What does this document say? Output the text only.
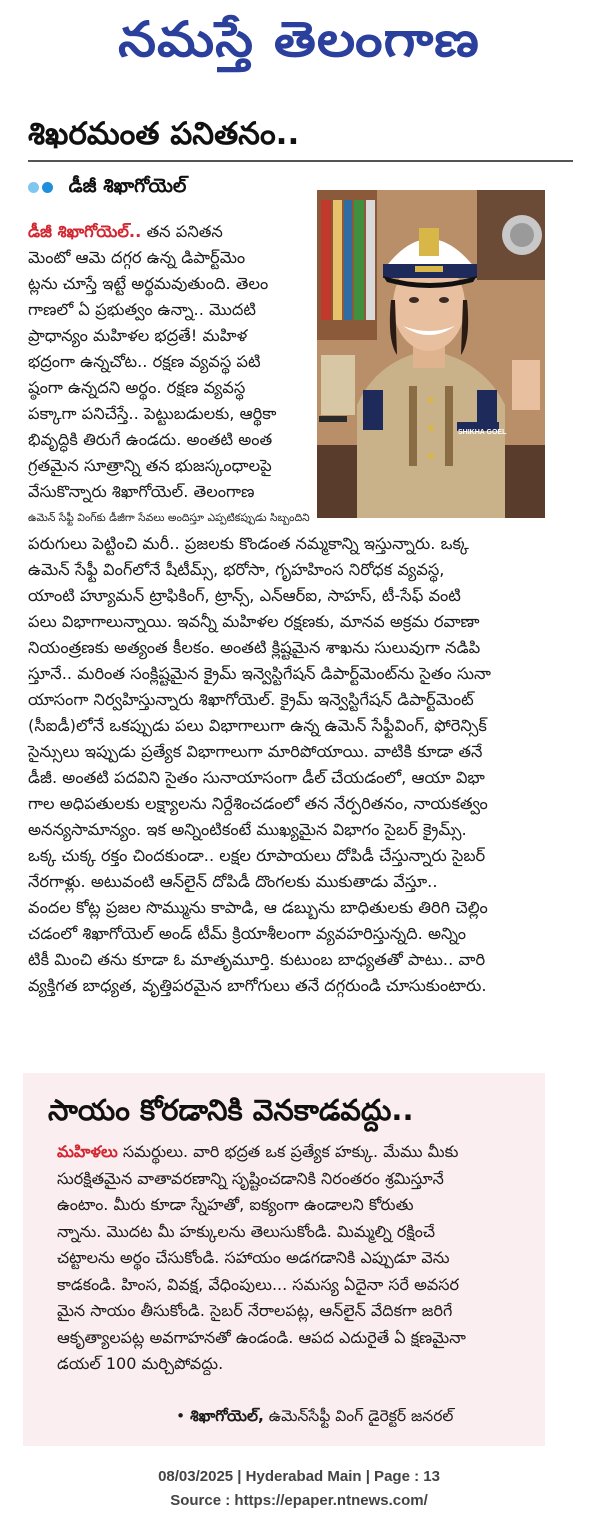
నమస్తే తెలంగాణ
శిఖరమంత పనితనం..
డీజీ శిఖాగోయెల్
SHIKHA GOEL
డీజీ శిఖాగోయెల్.. తన పనితన
మెంటో ఆమె దగ్గర ఉన్న డిపార్ట్‌మెం
ట్లను చూస్తే ఇట్టే అర్థమవుతుంది. తెలం
గాణలో ఏ ప్రభుత్వం ఉన్నా.. మొదటి
ప్రాధాన్యం మహిళల భద్రతే! మహిళ
భద్రంగా ఉన్నచోట.. రక్షణ వ్యవస్థ పటి
ష్ఠంగా ఉన్నదని అర్థం. రక్షణ వ్యవస్థ
పక్కాగా పనిచేస్తే.. పెట్టుబడులకు, ఆర్థికా
భివృద్ధికి తిరుగే ఉండదు. అంతటి అంత
గ్రతమైన సూత్రాన్ని తన భుజస్కంధాలపై
వేసుకొన్నారు శిఖాగోయెల్. తెలంగాణ
ఉమెన్ సేఫ్టీ వింగ్‌కు డీజీగా సేవలు అందిస్తూ ఎప్పటికప్పుడు సిబ్బందిని
పరుగులు పెట్టించి మరీ.. ప్రజలకు కొండంత నమ్మకాన్ని ఇస్తున్నారు. ఒక్క
ఉమెన్ సేఫ్టీ వింగ్‌లోనే షీటీమ్స్, భరోసా, గృహహింస నిరోధక వ్యవస్థ,
యాంటి హ్యూమన్ ట్రాఫికింగ్, ట్రాన్స్, ఎన్ఆర్ఐ, సాహస్, టీ-సేఫ్ వంటి
పలు విభాగాలున్నాయి. ఇవన్నీ మహిళల రక్షణకు, మానవ అక్రమ రవాణా
నియంత్రణకు అత్యంత కీలకం. అంతటి క్లిష్టమైన శాఖను సులువుగా నడిపి
స్తూనే.. మరింత సంక్లిష్టమైన క్రైమ్ ఇన్వెస్టిగేషన్ డిపార్ట్‌మెంట్‌ను సైతం సునా
యాసంగా నిర్వహిస్తున్నారు శిఖాగోయెల్. క్రైమ్ ఇన్వెస్టిగేషన్ డిపార్ట్‌మెంట్
(సీఐడీ)లోనే ఒకప్పుడు పలు విభాగాలుగా ఉన్న ఉమెన్ సేఫ్టీవింగ్, ఫోరెన్సిక్
సైన్సులు ఇప్పుడు ప్రత్యేక విభాగాలుగా మారిపోయాయి. వాటికి కూడా తనే
డీజీ. అంతటి పదవిని సైతం సునాయాసంగా డీల్ చేయడంలో, ఆయా విభా
గాల అధిపతులకు లక్ష్యాలను నిర్దేశించడంలో తన నేర్పరితనం, నాయకత్వం
అనన్యసామాన్యం. ఇక అన్నింటికంటే ముఖ్యమైన విభాగం సైబర్ క్రైమ్స్.
ఒక్క చుక్క రక్తం చిందకుండా.. లక్షల రూపాయలు దోపిడీ చేస్తున్నారు సైబర్
నేరగాళ్లు. అటువంటి ఆన్‌లైన్ దోపిడీ దొంగలకు ముకుతాడు వేస్తూ..
వందల కోట్ల ప్రజల సొమ్మును కాపాడి, ఆ డబ్బును బాధితులకు తిరిగి చెల్లిం
చడంలో శిఖాగోయెల్ అండ్ టీమ్ క్రియాశీలంగా వ్యవహరిస్తున్నది. అన్నిం
టికీ మించి తను కూడా ఓ మాతృమూర్తి. కుటుంబ బాధ్యతతో పాటు.. వారి
వ్యక్తిగత బాధ్యత, వృత్తిపరమైన బాగోగులు తనే దగ్గరుండి చూసుకుంటారు.
సాయం కోరడానికి వెనకాడవద్దు..
మహిళలు సమర్థులు. వారి భద్రత ఒక ప్రత్యేక హక్కు. మేము మీకు
సురక్షితమైన వాతావరణాన్ని సృష్టించడానికి నిరంతరం శ్రమిస్తూనే
ఉంటాం. మీరు కూడా స్నేహతో, ఐక్యంగా ఉండాలని కోరుతు
న్నాను. మొదట మీ హక్కులను తెలుసుకోండి. మిమ్మల్ని రక్షించే
చట్టాలను అర్థం చేసుకోండి. సహాయం అడగడానికి ఎప్పుడూ వెను
కాడకండి. హింస, వివక్ష, వేధింపులు... సమస్య ఏదైనా సరే అవసర
మైన సాయం తీసుకోండి. సైబర్ నేరాలపట్ల, ఆన్‌లైన్ వేదికగా జరిగే
ఆకృత్యాలపట్ల అవగాహనతో ఉండండి. ఆపద ఎదురైతే ఏ క్షణమైనా
డయల్ 100 మర్చిపోవద్దు.
• శిఖాగోయెల్, ఉమెన్‌సేఫ్టీ వింగ్ డైరెక్టర్ జనరల్
08/03/2025 | Hyderabad Main | Page : 13
Source : https://epaper.ntnews.com/
